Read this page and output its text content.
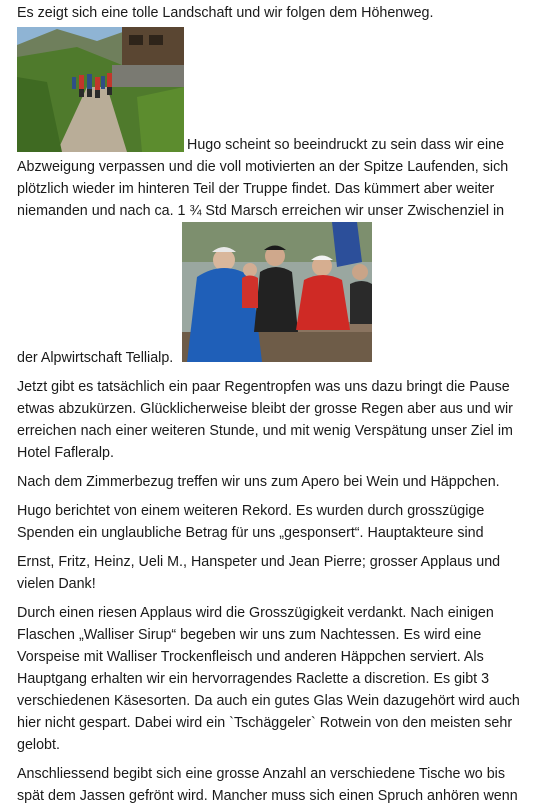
Es zeigt sich eine tolle Landschaft und wir folgen dem Höhenweg.
Hugo scheint so beeindruckt zu sein dass wir eine
Abzweigung verpassen und die voll motivierten an der Spitze Laufenden, sich
plötzlich wieder im hinteren Teil der Truppe findet. Das kümmert aber weiter
niemanden und nach ca. 1 ¾ Std Marsch erreichen wir unser Zwischenziel in
der Alpwirtschaft Tellialp.
Jetzt gibt es tatsächlich ein paar Regentropfen was uns dazu bringt die Pause
etwas abzukürzen. Glücklicherweise bleibt der grosse Regen aber aus und wir
erreichen nach einer weiteren Stunde, und mit wenig Verspätung unser Ziel im
Hotel Fafleralp.
Nach dem Zimmerbezug treffen wir uns zum Apero bei Wein und Häppchen.
Hugo berichtet von einem weiteren Rekord. Es wurden durch grosszügige
Spenden ein unglaubliche Betrag für uns „gesponsert“. Hauptakteure sind
Ernst, Fritz, Heinz, Ueli M., Hanspeter und Jean Pierre; grosser Applaus und
vielen Dank!
Durch einen riesen Applaus wird die Grosszügigkeit verdankt. Nach einigen
Flaschen „Walliser Sirup“ begeben wir uns zum Nachtessen. Es wird eine
Vorspeise mit Walliser Trockenfleisch und anderen Häppchen serviert. Als
Hauptgang erhalten wir ein hervorragendes Raclette a discretion. Es gibt 3
verschiedenen Käsesorten. Da auch ein gutes Glas Wein dazugehört wird auch
hier nicht gespart. Dabei wird ein `Tschäggeler` Rotwein von den meisten sehr
gelobt.
Anschliessend begibt sich eine grosse Anzahl an verschiedene Tische wo bis
spät dem Jassen gefrönt wird. Mancher muss sich einen Spruch anhören wenn
